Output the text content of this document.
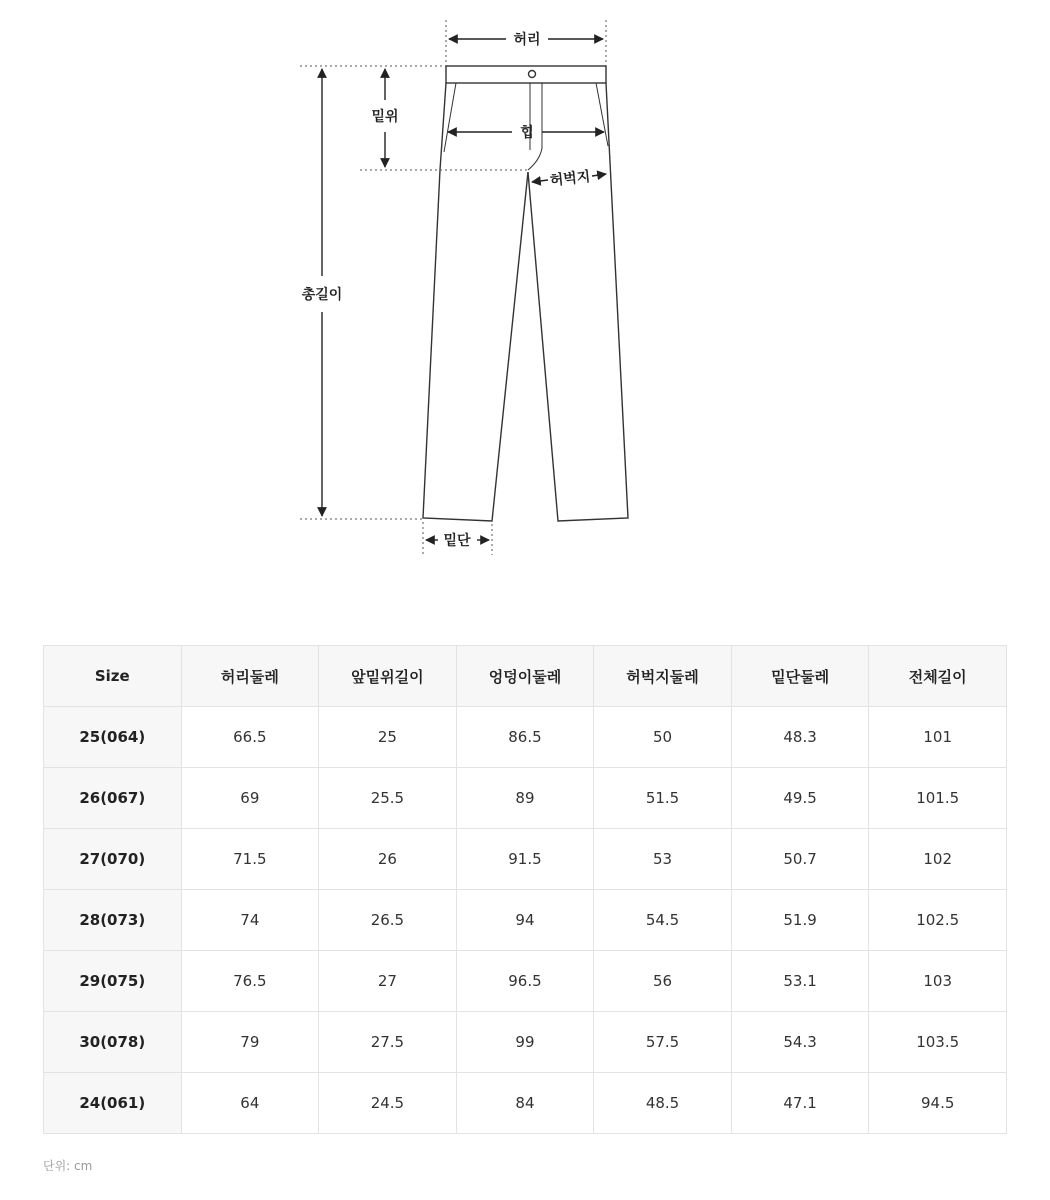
허리
밑위
힙
허벅지
총길이
밑단
Size	허리둘레	앞밑위길이	엉덩이둘레	허벅지둘레	밑단둘레	전체길이
25(064)	66.5	25	86.5	50	48.3	101
26(067)	69	25.5	89	51.5	49.5	101.5
27(070)	71.5	26	91.5	53	50.7	102
28(073)	74	26.5	94	54.5	51.9	102.5
29(075)	76.5	27	96.5	56	53.1	103
30(078)	79	27.5	99	57.5	54.3	103.5
24(061)	64	24.5	84	48.5	47.1	94.5
단위: cm
